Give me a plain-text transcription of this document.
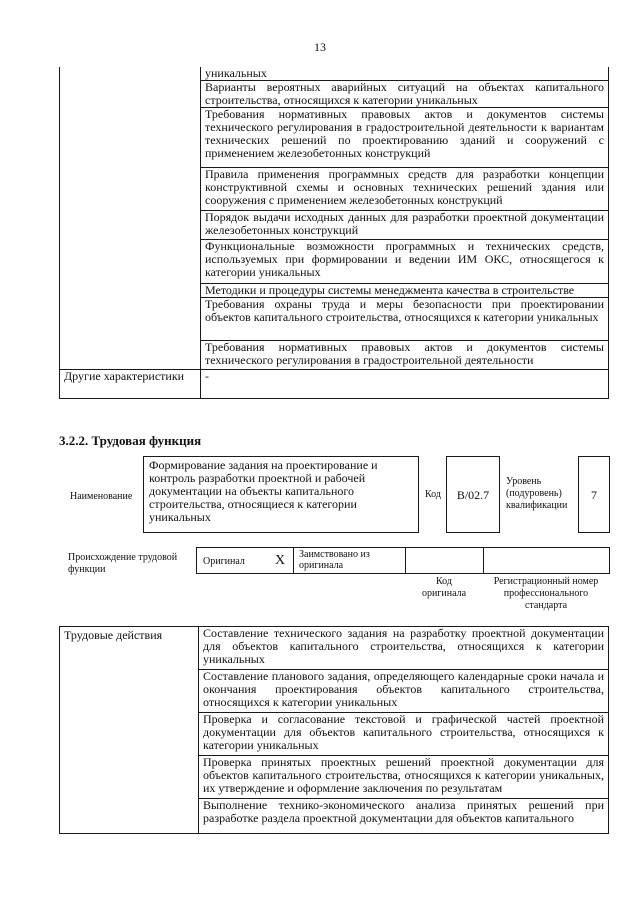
13
	уникальных
	Варианты вероятных аварийных ситуаций на объектах капитального строительства, относящихся к категории уникальных
	Требования нормативных правовых актов и документов системы технического регулирования в градостроительной деятельности к вариантам технических решений по проектированию зданий и сооружений с применением железобетонных конструкций
	Правила применения программных средств для разработки концепции конструктивной схемы и основных технических решений здания или сооружения с применением железобетонных конструкций
	Порядок выдачи исходных данных для разработки проектной документации железобетонных конструкций
	Функциональные возможности программных и технических средств, используемых при формировании и ведении ИМ ОКС, относящегося к категории уникальных
	Методики и процедуры системы менеджмента качества в строительстве
	Требования охраны труда и меры безопасности при проектировании объектов капитального строительства, относящихся к категории уникальных
	Требования нормативных правовых актов и документов системы технического регулирования в градостроительной деятельности
Другие характеристики	-
3.2.2. Трудовая функция
Наименование
Формирование задания на проектирование и контроль разработки проектной и рабочей документации на объекты капитального строительства, относящиеся к категории уникальных
Код	B/02.7
Уровень (подуровень) квалификации
7
Происхождение трудовой функции
Оригинал X Заимствовано из оригинала
Код оригинала
Регистрационный номер профессионального стандарта
Трудовые действия	Составление технического задания на разработку проектной документации для объектов капитального строительства, относящихся к категории уникальных
Составление планового задания, определяющего календарные сроки начала и окончания проектирования объектов капитального строительства, относящихся к категории уникальных
Проверка и согласование текстовой и графической частей проектной документации для объектов капитального строительства, относящихся к категории уникальных
Проверка принятых проектных решений проектной документации для объектов капитального строительства, относящихся к категории уникальных, их утверждение и оформление заключения по результатам
Выполнение технико-экономического анализа принятых решений при разработке раздела проектной документации для объектов капитального
